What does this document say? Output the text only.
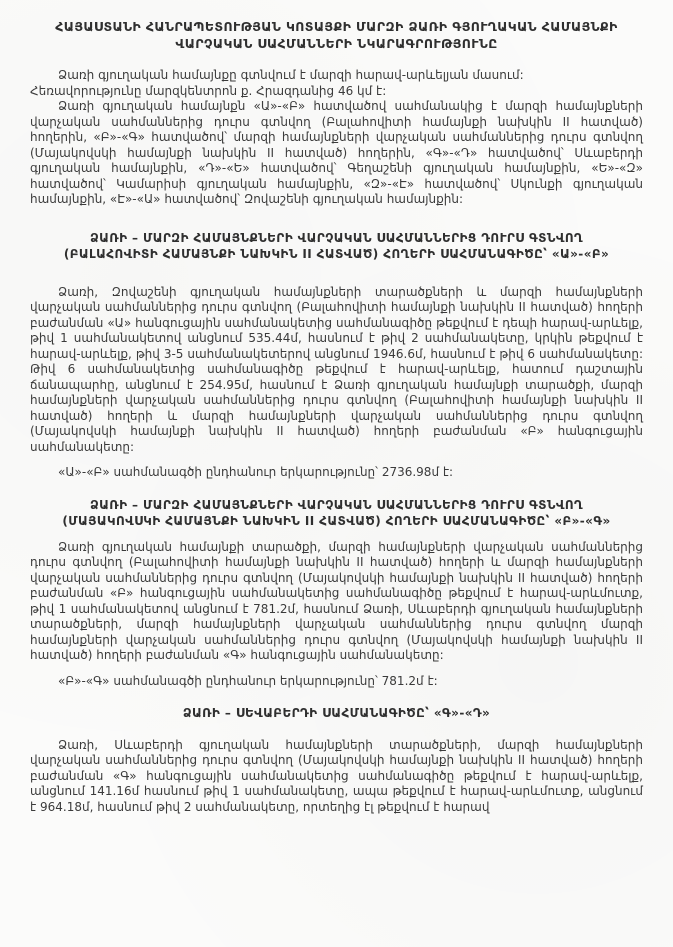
ՀԱՅԱՍՏԱՆԻ ՀԱՆՐԱՊԵՏՈՒԹՅԱՆ ԿՈՏԱՅՔԻ ՄԱՐԶԻ ՁԱՌԻ ԳՅՈՒՂԱԿԱՆ ՀԱՄԱՅՆՔԻ
ՎԱՐՉԱԿԱՆ ՍԱՀՄԱՆՆԵՐԻ ՆԿԱՐԱԳՐՈՒԹՅՈՒՆԸ

Ձառի գյուղական համայնքը գտնվում է մարզի հարավ-արևելյան մասում:

Հեռավորությունը մարզկենտրոն ք. Հրազդանից 46 կմ է:

Ձառի գյուղական համայնքն «Ա»-«Բ» հատվածով սահմանակից է մարզի համայնքների վարչական սահմաններից դուրս գտնվող (Բալահովիտի համայնքի նախկին II հատված) հողերին, «Բ»-«Գ» հատվածով՝ մարզի համայնքների վարչական սահմաններից դուրս գտնվող (Մայակովսկի համայնքի նախկին II հատված) հողերին, «Գ»-«Դ» հատվածով՝ Սևաբերդի գյուղական համայնքին, «Դ»-«Ե» հատվածով՝ Գեղաշենի գյուղական համայնքին, «Ե»-«Զ» հատվածով՝ Կամարիսի գյուղական համայնքին, «Զ»-«Է» հատվածով՝ Սկունքի գյուղական համայնքին, «Է»-«Ա» հատվածով՝ Զովաշենի գյուղական համայնքին:

ՁԱՌԻ – ՄԱՐԶԻ ՀԱՄԱՅՆՔՆԵՐԻ ՎԱՐՉԱԿԱՆ ՍԱՀՄԱՆՆԵՐԻՑ ԴՈՒՐՍ ԳՏՆՎՈՂ (ԲԱԼԱՀՈՎԻՏԻ ՀԱՄԱՅՆՔԻ ՆԱԽԿԻՆ II ՀԱՏՎԱԾ) ՀՈՂԵՐԻ ՍԱՀՄԱՆԱԳԻԾԸ՝ «Ա»-«Բ»

Ձառի, Զովաշենի գյուղական համայնքների տարածքների և մարզի համայնքների վարչական սահմաններից դուրս գտնվող (Բալահովիտի համայնքի նախկին II հատված) հողերի բաժանման «Ա» հանգուցային սահմանակետից սահմանագիծը թեքվում է դեպի հարավ-արևելք, թիվ 1 սահմանակետով անցնում 535.44մ, հասնում է թիվ 2 սահմանակետը, կրկին թեքվում է հարավ-արևելք, թիվ 3-5 սահմանակետերով անցնում 1946.6մ, հասնում է թիվ 6 սահմանակետը: Թիվ 6 սահմանակետից սահմանագիծը թեքվում է հարավ-արևելք, հատում դաշտային ճանապարհը, անցնում է 254.95մ, հասնում է Ձառի գյուղական համայնքի տարածքի, մարզի համայնքների վարչական սահմաններից դուրս գտնվող (Բալահովիտի համայնքի նախկին II հատված) հողերի և մարզի համայնքների վարչական սահմաններից դուրս գտնվող (Մայակովսկի համայնքի նախկին II հատված) հողերի բաժանման «Բ» հանգուցային սահմանակետը:

«Ա»-«Բ» սահմանագծի ընդհանուր երկարությունը՝ 2736.98մ է:

ՁԱՌԻ – ՄԱՐԶԻ ՀԱՄԱՅՆՔՆԵՐԻ ՎԱՐՉԱԿԱՆ ՍԱՀՄԱՆՆԵՐԻՑ ԴՈՒՐՍ ԳՏՆՎՈՂ (ՄԱՅԱԿՈՎՍԿԻ ՀԱՄԱՅՆՔԻ ՆԱԽԿԻՆ II ՀԱՏՎԱԾ) ՀՈՂԵՐԻ ՍԱՀՄԱՆԱԳԻԾԸ՝ «Բ»-«Գ»

Ձառի գյուղական համայնքի տարածքի, մարզի համայնքների վարչական սահմաններից դուրս գտնվող (Բալահովիտի համայնքի նախկին II հատված) հողերի և մարզի համայնքների վարչական սահմաններից դուրս գտնվող (Մայակովսկի համայնքի նախկին II հատված) հողերի բաժանման «Բ» հանգուցային սահմանակետից սահմանագիծը թեքվում է հարավ-արևմուտք, թիվ 1 սահմանակետով անցնում է 781.2մ, հասնում Ձառի, Սևաբերդի գյուղական համայնքների տարածքների, մարզի համայնքների վարչական սահմաններից դուրս գտնվող մարզի համայնքների վարչական սահմաններից դուրս գտնվող (Մայակովսկի համայնքի նախկին II հատված) հողերի բաժանման «Գ» հանգուցային սահմանակետը:

«Բ»-«Գ» սահմանագծի ընդհանուր երկարությունը՝ 781.2մ է:

ՁԱՌԻ – ՍԵՎԱԲԵՐԴԻ ՍԱՀՄԱՆԱԳԻԾԸ՝ «Գ»-«Դ»

Ձառի, Սևաբերդի գյուղական համայնքների տարածքների, մարզի համայնքների վարչական սահմաններից դուրս գտնվող (Մայակովսկի համայնքի նախկին II հատված) հողերի բաժանման «Գ» հանգուցային սահմանակետից սահմանագիծը թեքվում է հարավ-արևելք, անցնում 141.16մ հասնում թիվ 1 սահմանակետը, ապա թեքվում է հարավ-արևմուտք, անցնում է 964.18մ, հասնում թիվ 2 սահմանակետը, որտեղից էլ թեքվում է հարավ
